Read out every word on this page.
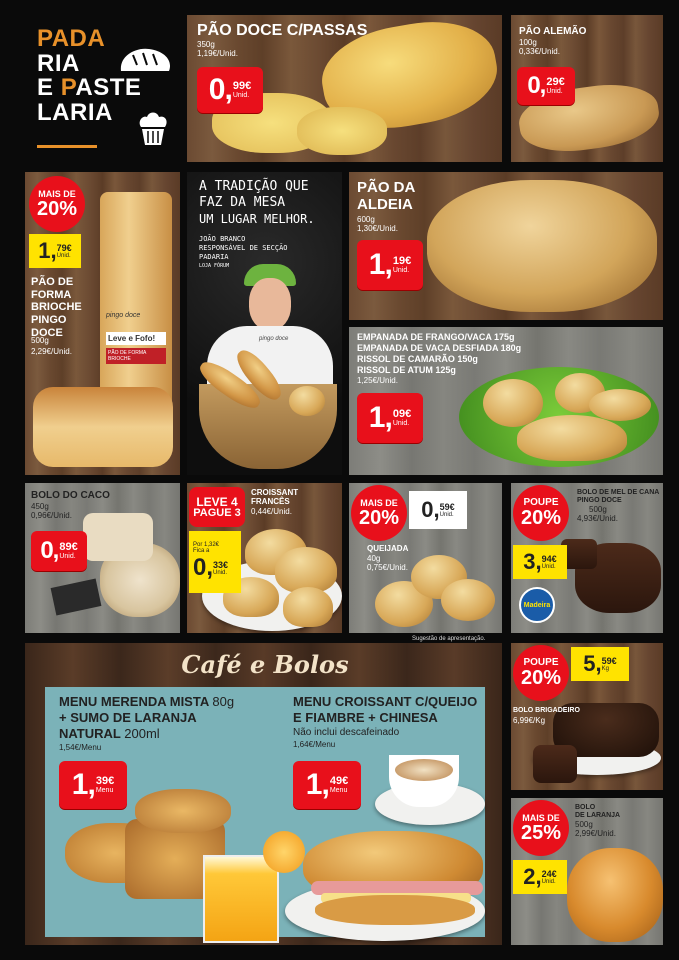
PADA
RIA
E PASTE
LARIA
PÃO DOCE C/PASSAS
350g
1,19€/Unid.
0, 99€
Unid.
PÃO ALEMÃO
100g
0,33€/Unid.
0, 29€
Unid.
pingo doce
Leve e Fofo!
PÃO DE FORMA BRIOCHE
MAIS DE
20%
1, 79€
Unid.
PÃO DE FORMA BRIOCHE PINGO DOCE
500g
2,29€/Unid.
A TRADIÇÃO QUE
FAZ DA MESA
UM LUGAR MELHOR.
JOÃO BRANCO
RESPONSÁVEL DE SECÇÃO
PADARIA
LOJA FÓRUM
pingo doce
PÃO DA
ALDEIA
600g
1,30€/Unid.
1, 19€
Unid.
EMPANADA DE FRANGO/VACA 175g
EMPANADA DE VACA DESFIADA 180g
RISSOL DE CAMARÃO 150g
RISSOL DE ATUM 125g
1,25€/Unid.
1, 09€
Unid.
BOLO DO CACO
450g
0,96€/Unid.
0, 89€
Unid.
LEVE 4
PAGUE 3
CROISSANT
FRANCÊS
0,44€/Unid.
Por 1,32€
Fica a
0, 33€
Unid.
MAIS DE
20%	0, 59€
Unid.
QUEIJADA
40g
0,75€/Unid.
POUPE
20%
BOLO DE MEL DE CANA
PINGO DOCE
500g
4,93€/Unid.
3, 94€
Unid.
Madeira
Sugestão de apresentação.
Café e Bolos
MENU MERENDA MISTA 80g
+ SUMO DE LARANJA
NATURAL 200ml
1,54€/Menu
1, 39€
Menu
MENU CROISSANT C/QUEIJO
E FIAMBRE + CHINESA
Não inclui descafeinado
1,64€/Menu
1, 49€
Menu
POUPE
20%
5, 59€
Kg
BOLO BRIGADEIRO
6,99€/Kg
MAIS DE
25%
BOLO
DE LARANJA
500g
2,99€/Unid.
2, 24€
Unid.
